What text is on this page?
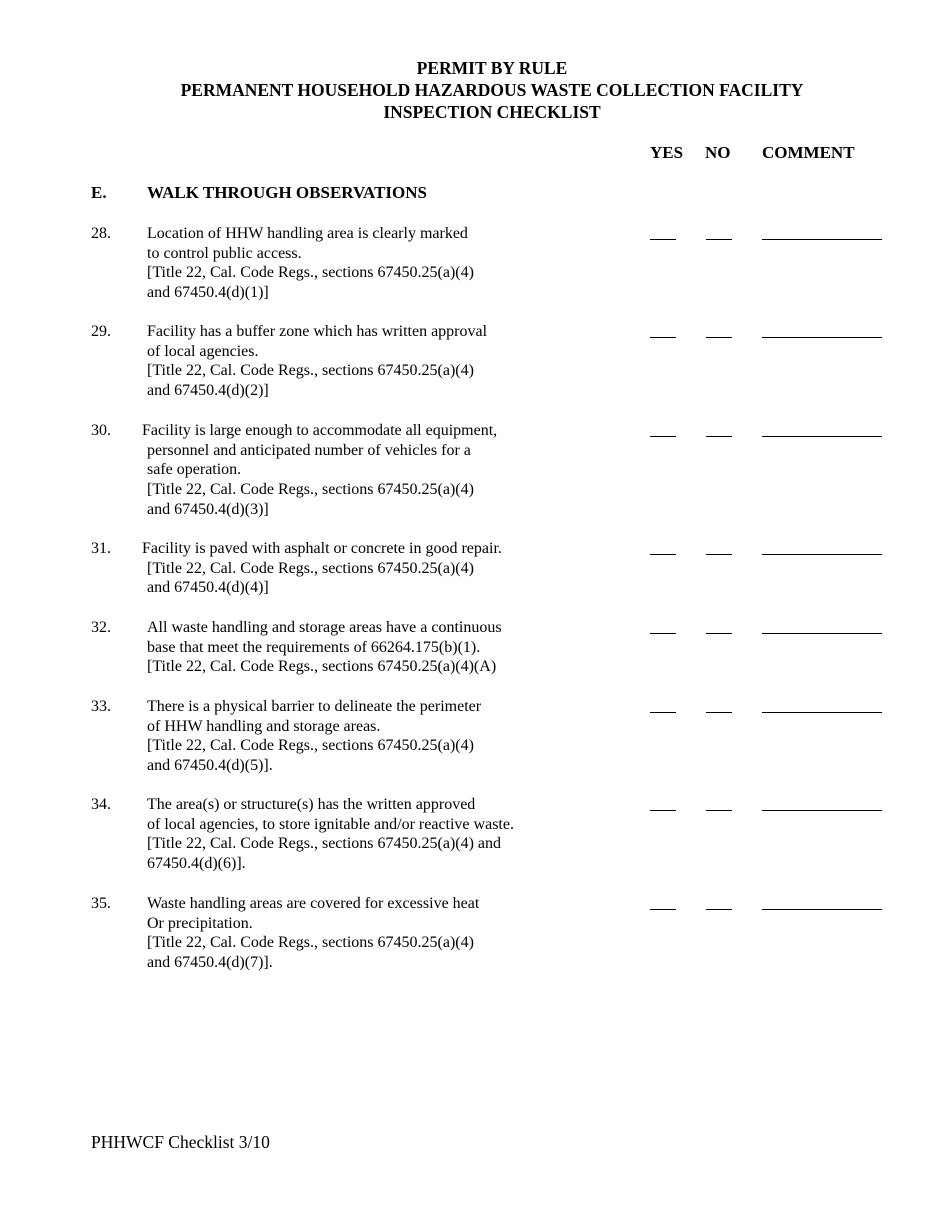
PERMIT BY RULE
PERMANENT HOUSEHOLD HAZARDOUS WASTE COLLECTION FACILITY
INSPECTION CHECKLIST
YES NO COMMENT
E. WALK THROUGH OBSERVATIONS
28. Location of HHW handling area is clearly marked
to control public access.
[Title 22, Cal. Code Regs., sections 67450.25(a)(4)
and 67450.4(d)(1)]
29. Facility has a buffer zone which has written approval
of local agencies.
[Title 22, Cal. Code Regs., sections 67450.25(a)(4)
and 67450.4(d)(2)]
30. Facility is large enough to accommodate all equipment,
personnel and anticipated number of vehicles for a
safe operation.
[Title 22, Cal. Code Regs., sections 67450.25(a)(4)
and 67450.4(d)(3)]
31. Facility is paved with asphalt or concrete in good repair.
[Title 22, Cal. Code Regs., sections 67450.25(a)(4)
and 67450.4(d)(4)]
32. All waste handling and storage areas have a continuous
base that meet the requirements of 66264.175(b)(1).
[Title 22, Cal. Code Regs., sections 67450.25(a)(4)(A)
33. There is a physical barrier to delineate the perimeter
of HHW handling and storage areas.
[Title 22, Cal. Code Regs., sections 67450.25(a)(4)
and 67450.4(d)(5)].
34. The area(s) or structure(s) has the written approved
of local agencies, to store ignitable and/or reactive waste.
[Title 22, Cal. Code Regs., sections 67450.25(a)(4) and
67450.4(d)(6)].
35. Waste handling areas are covered for excessive heat
Or precipitation.
[Title 22, Cal. Code Regs., sections 67450.25(a)(4)
and 67450.4(d)(7)].
PHHWCF Checklist 3/10
